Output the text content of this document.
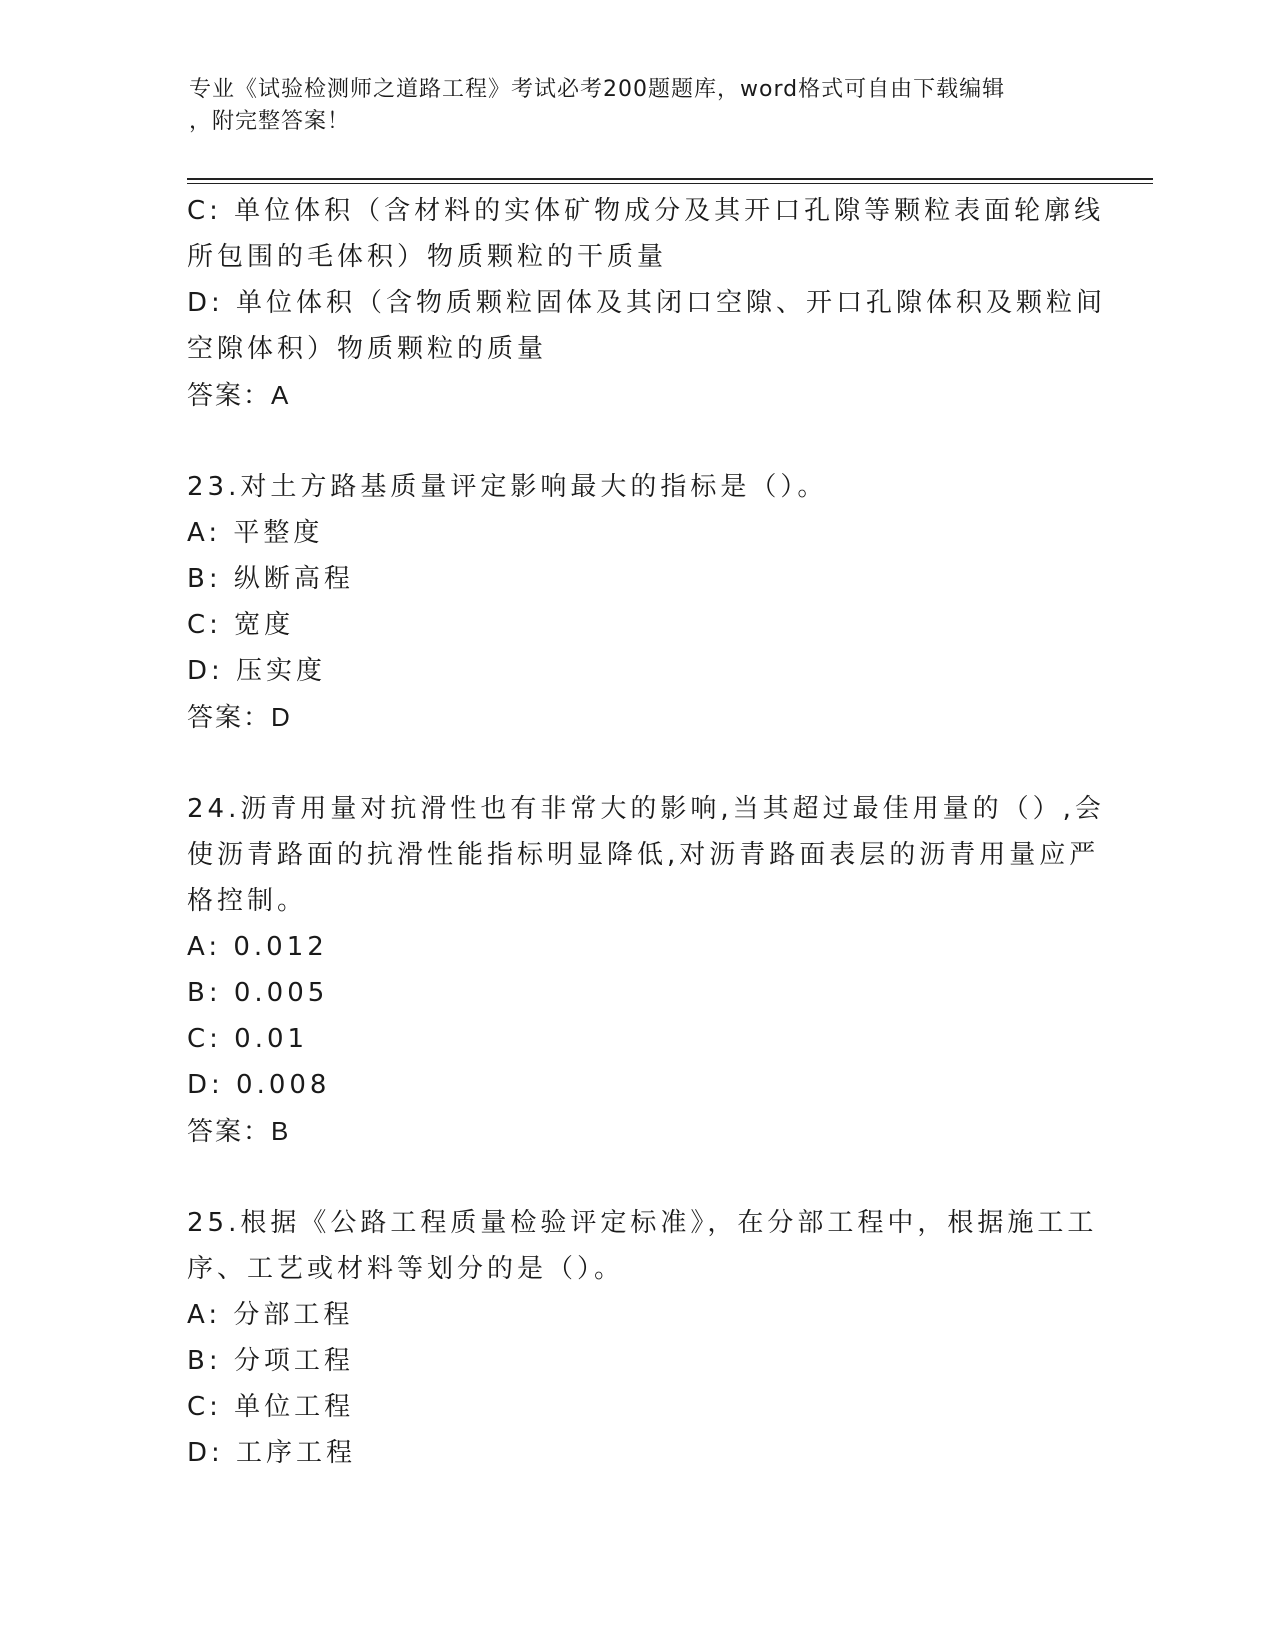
专业《试验检测师之道路工程》考试必考200题题库，word格式可自由下载编辑
，附完整答案！
C: 单位体积（含材料的实体矿物成分及其开口孔隙等颗粒表面轮廓线
所包围的毛体积）物质颗粒的干质量
D: 单位体积（含物质颗粒固体及其闭口空隙、开口孔隙体积及颗粒间
空隙体积）物质颗粒的质量
答案：A
23.对土方路基质量评定影响最大的指标是（）。
A: 平整度
B: 纵断高程
C: 宽度
D: 压实度
答案：D
24.沥青用量对抗滑性也有非常大的影响,当其超过最佳用量的（）,会
使沥青路面的抗滑性能指标明显降低,对沥青路面表层的沥青用量应严
格控制。
A: 0.012
B: 0.005
C: 0.01
D: 0.008
答案：B
25.根据《公路工程质量检验评定标准》，在分部工程中，根据施工工
序、工艺或材料等划分的是（）。
A: 分部工程
B: 分项工程
C: 单位工程
D: 工序工程
